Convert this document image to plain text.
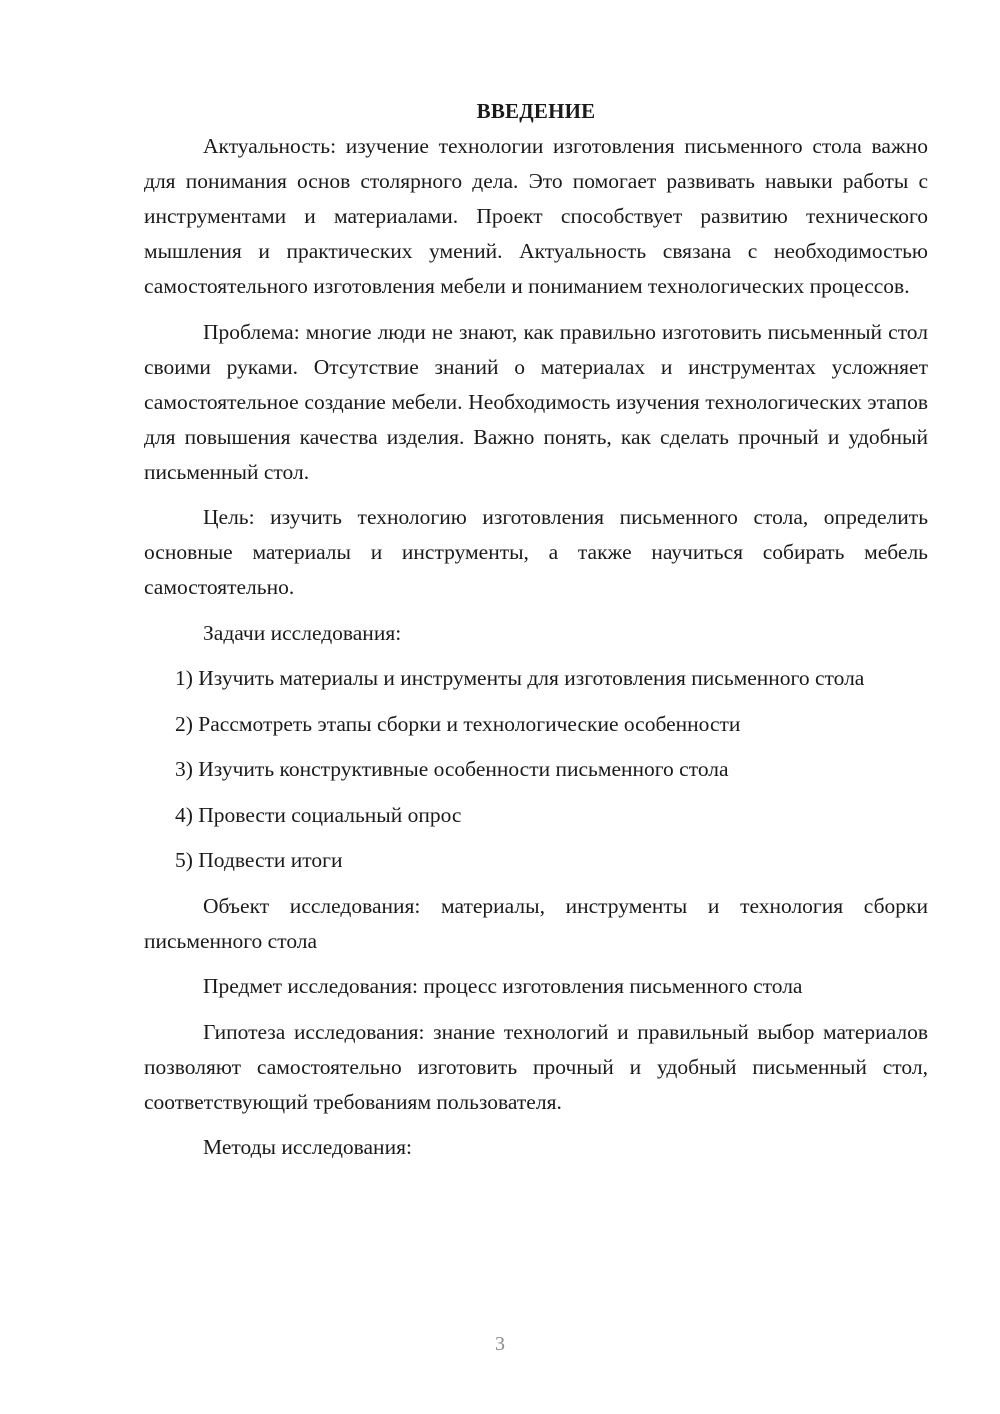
ВВЕДЕНИЕ

Актуальность: изучение технологии изготовления письменного стола важно для понимания основ столярного дела. Это помогает развивать навыки работы с инструментами и материалами. Проект способствует развитию технического мышления и практических умений. Актуальность связана с необходимостью самостоятельного изготовления мебели и пониманием технологических процессов.

Проблема: многие люди не знают, как правильно изготовить письменный стол своими руками. Отсутствие знаний о материалах и инструментах усложняет самостоятельное создание мебели. Необходимость изучения технологических этапов для повышения качества изделия. Важно понять, как сделать прочный и удобный письменный стол.

Цель: изучить технологию изготовления письменного стола, определить основные материалы и инструменты, а также научиться собирать мебель самостоятельно.

Задачи исследования:

1) Изучить материалы и инструменты для изготовления письменного стола

2) Рассмотреть этапы сборки и технологические особенности

3) Изучить конструктивные особенности письменного стола

4) Провести социальный опрос

5) Подвести итоги

Объект исследования: материалы, инструменты и технология сборки письменного стола

Предмет исследования: процесс изготовления письменного стола

Гипотеза исследования: знание технологий и правильный выбор материалов позволяют самостоятельно изготовить прочный и удобный письменный стол, соответствующий требованиям пользователя.

Методы исследования:

3
